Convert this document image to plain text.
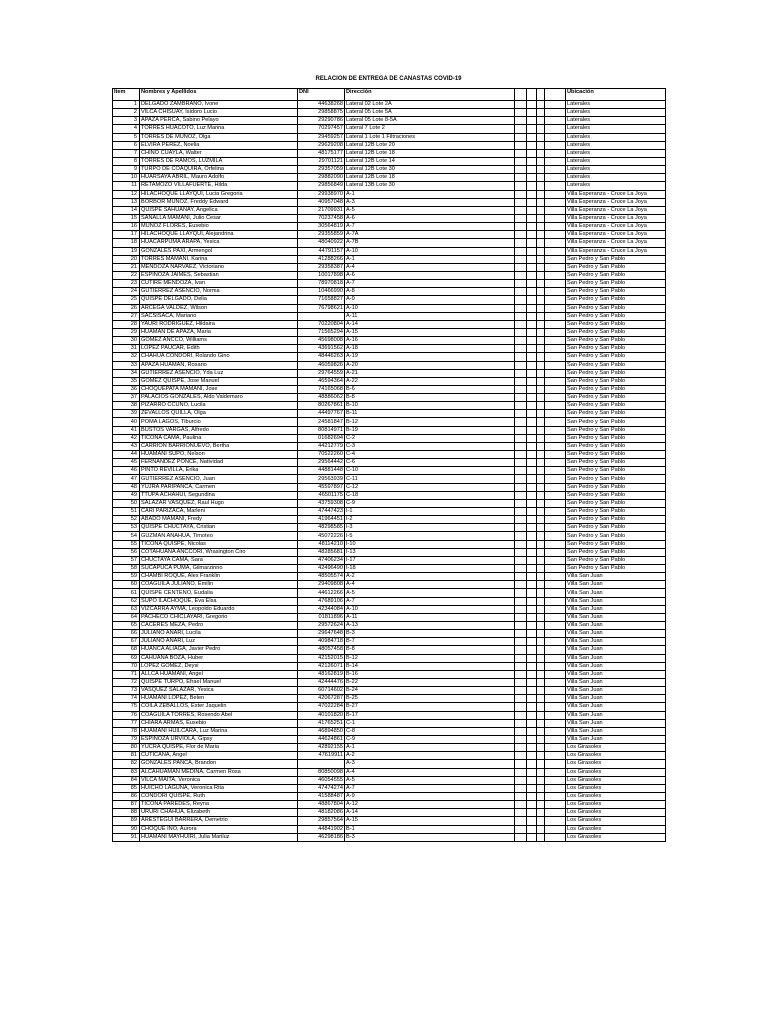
RELACION DE ENTREGA DE CANASTAS COVID-19
Item	Nombres y Apellidos	DNI	Dirección					Ubicación
1	DELGADO ZAMBRANO, Ivone	44638268	Lateral 02 Lote 2A					Laterales
2	VILCA CHISUAY, Isidoro Lucio	29858875	Lateral 05 Lote 5A					Laterales
3	APAZA PERCA, Sabino Pelayo	29290786	Lateral 05 Lote 8-5A					Laterales
4	TORRES HUACOTO, Luz Marina	70297457	Lateral 7 Lote 2					Laterales
5	TORRES DE MUÑOZ, Olga	29459257	Lateral 1 Lote 1 Filtraciones					Laterales
6	ELVIRA PEREZ, Noelia	29629208	Lateral 12B Lote 20					Laterales
7	CHINO CUAYLA, Walter	48175177	Lateral 12B Lote 18					Laterales
8	TORRES DE RAMOS, LUZMILA	29701121	Lateral 12B Lote 14					Laterales
9	TURPO DE COAQUIRA, Orfelina	29357059	Lateral 12B Lote 30					Laterales
10	HUARSAYA ABRIL, Mauro Adolfo	29882090	Lateral 12B Lote 18					Laterales
11	RETAMOZO VILLAFUERTE, Hilda	29856849	Lateral 13B Lote 30					Laterales
12	HILACHOQUE LLAYQUI, Lucia Gregoria	29938970	A-1					Villa Esperanza - Cruce La Joya
13	BORBOR MUÑOZ, Freddy Edward	40957048	A-3					Villa Esperanza - Cruce La Joya
14	QUISPE SAHUANAY, Angelica	21709931	A-5					Villa Esperanza - Cruce La Joya
15	SANALLA MAMANI, Julio Cesar	70237458	A-6					Villa Esperanza - Cruce La Joya
16	MUÑOZ FLORES, Eusebio	30564819	A-7					Villa Esperanza - Cruce La Joya
17	HILACHOQUE LLAYQUI, Alejandrina	29355859	A-7A					Villa Esperanza - Cruce La Joya
18	HUACARPUMA ARAPA, Yesica	48040922	A-7B					Villa Esperanza - Cruce La Joya
19	GONZALES PAXI, Armengol	44791157	A-10					Villa Esperanza - Cruce La Joya
20	TORRES MAMANI, Karina	41288266	A-1					San Pedro y San Pablo
21	MENDOZA NARVAEZ, Victoriano	29358387	A-4					San Pedro y San Pablo
22	ESPINOZA JAIMES, Sebastian	10017898	A-6					San Pedro y San Pablo
23	CUTIRE MENDOZA, Ivan	78970818	A-7					San Pedro y San Pablo
24	GUTIERREZ ASENCIO, Norma	10466990	A-8					San Pedro y San Pablo
25	QUISPE DELGADO, Delia	71658827	A-9					San Pedro y San Pablo
26	ARCEGA VALDEZ, Wilson	76798621	A-10					San Pedro y San Pablo
27	SACSISACA, Mariano		A-11					San Pedro y San Pablo
28	YAURI RODRIGUEZ, Hildaira	70220804	A-14					San Pedro y San Pablo
29	HUAMAN DE APAZA, Maria	71565294	A-15					San Pedro y San Pablo
30	GOMEZ ANCCO, Williams	45698008	A-16					San Pedro y San Pablo
31	LOPEZ PAUCAR, Edith	43691562	A-18					San Pedro y San Pablo
32	CHAHUA CONDORI, Rolando Gino	48446263	A-19					San Pedro y San Pablo
33	APAZA HUAMAN, Rosario	46059826	A-20					San Pedro y San Pablo
34	GUTIERREZ ASENCIO, Yda Luz	29764559	A-21					San Pedro y San Pablo
35	GOMEZ QUISPE, Jose Manuel	46594364	A-22					San Pedro y San Pablo
36	CHOQUEPATA MAMANI, Jose	74165068	B-6					San Pedro y San Pablo
37	PALACIOS GONZALES, Aldo Valdemaro	48886062	B-8					San Pedro y San Pablo
38	PIZARRO CCUNO, Lucila	80267861	B-10					San Pedro y San Pablo
39	ZEVALLOS QUILLA, Olga	44497767	B-11					San Pedro y San Pablo
40	POMA LAGOS, Tiburcio	24581847	B-12					San Pedro y San Pablo
41	BUSTOS VARGAS, Alfredo	80814971	B-19					San Pedro y San Pablo
42	TICONA CAMA, Paulina	01682694	C-2					San Pedro y San Pablo
43	CARRION BARRIONUEVO, Bertha	44212779	C-3					San Pedro y San Pablo
44	HUAMANI SUPO, Nelson	70522260	C-4					San Pedro y San Pablo
45	FERNANDEZ PONCE, Natividad	29564442	C-6					San Pedro y San Pablo
46	PINTO REVILLA, Erika	44881448	C-10					San Pedro y San Pablo
47	GUTIERREZ ASENCIO, Juan	29563939	C-11					San Pedro y San Pablo
48	YUJRA PARIPANCA, Carmen	45597897	C-12					San Pedro y San Pablo
49	TTUPA ACHAHUI, Segundina	46501175	C-18					San Pedro y San Pablo
50	SALAZAR VASQUEZ, Raul Hugo	43759308	C-9					San Pedro y San Pablo
51	CARI PARIZACA, Marleni	47447423	I-1					San Pedro y San Pablo
52	ABADO MAMANI, Fredy	41964451	I-2					San Pedro y San Pablo
53	QUISPE CHUCTAYA, Cristian	48298585	I-3					San Pedro y San Pablo
54	GUZMAN ANAHUA, Timoteo	45072226	I-5					San Pedro y San Pablo
55	TICONA QUISPE, Nicolas	48114210	I-10					San Pedro y San Pablo
56	COTAHUANA ANCCORI, Wrasington Ciro	48285681	I-13					San Pedro y San Pablo
57	CHUCTAYA CAMA, Sara	47406234	I-17					San Pedro y San Pablo
58	SUCAPUCA PUMA, Gilmarzinno	42496490	I-18					San Pedro y San Pablo
59	CHAMBI ROQUE, Alex Franklin	48505574	A-2					Villa San Juan
60	COAGUILA JULIANO, Emilin	29409808	A-4					Villa San Juan
61	QUISPE CENTENO, Eudalia	44612266	A-5					Villa San Juan
62	SUPO ILACHOQUE, Eva Elsa	47689106	A-7					Villa San Juan
63	VIZCARRA AYMA, Leopoldo Eduardo	42344084	A-10					Villa San Juan
64	PACHECO CHICLAYARI, Gregorio	01811896	A-11					Villa San Juan
65	CACERES MEZA, Pedro	29572624	A-13					Villa San Juan
66	JULIANO AÑARI, Lucila	29647648	B-3					Villa San Juan
67	JULIANO AÑARI, Luz	40984718	B-7					Villa San Juan
68	HUANCA ALIAGA, Javier Pedro	48057458	B-8					Villa San Juan
69	CAHUANA BOZA, Huber	42152015	B-12					Villa San Juan
70	LOPEZ GOMEZ, Deysi	42126071	B-14					Villa San Juan
71	ALLCA HUAMANI, Angel	48162819	B-16					Villa San Juan
72	QUISPE TURPO, Efrael Manuel	42444476	B-22					Villa San Juan
73	VASQUEZ SALAZAR, Yesica	60714602	B-24					Villa San Juan
74	HUAMANI LOPEZ, Belen	42067287	B-25					Villa San Juan
75	COILA ZEBALLOS, Ester Jaquelin	47022284	B-27					Villa San Juan
76	COAGUILA TORRES, Rosendo Abel	40101820	B-17					Villa San Juan
77	CHIARA ARMAS, Eusebio	41765251	C-1					Villa San Juan
78	HUAMANI HUILCARA, Luz Marina	46894850	C-8					Villa San Juan
79	ESPINOZA URVIOLA, Gipsy	44624861	C-9					Villa San Juan
80	YUCRA QUISPE, Flor de Maria	42892155	A-1					Los Girasoles
81	CUTICANA, Angel	47619911	A-2					Los Girasoles
82	GONZALES PANCA, Brandon		A-3					Los Girasoles
83	ALCAHUAMAN MEDINA, Carmen Rosa	80850098	A-4					Los Girasoles
84	VILCA MAITA, Veronica	46054555	A-5					Los Girasoles
85	HUICHO LAGUNA, Veronica Rita	47474274	A-7					Los Girasoles
86	CONDORI QUISPE, Ruth	41588487	A-9					Los Girasoles
87	TICONA PAREDES, Reyna	48867804	A-12					Los Girasoles
88	URURI CHAHUA, Elizabeth	48182086	A-14					Los Girasoles
89	ARESTEGUI BARRERA, Demetrio	29857564	A-15					Los Girasoles
90	CHOQUE IÑO, Aurora	44841902	B-1					Los Girasoles
91	HUAMANI MAYHUIRI, Julia Mariluz	46298186	B-3					Los Girasoles
